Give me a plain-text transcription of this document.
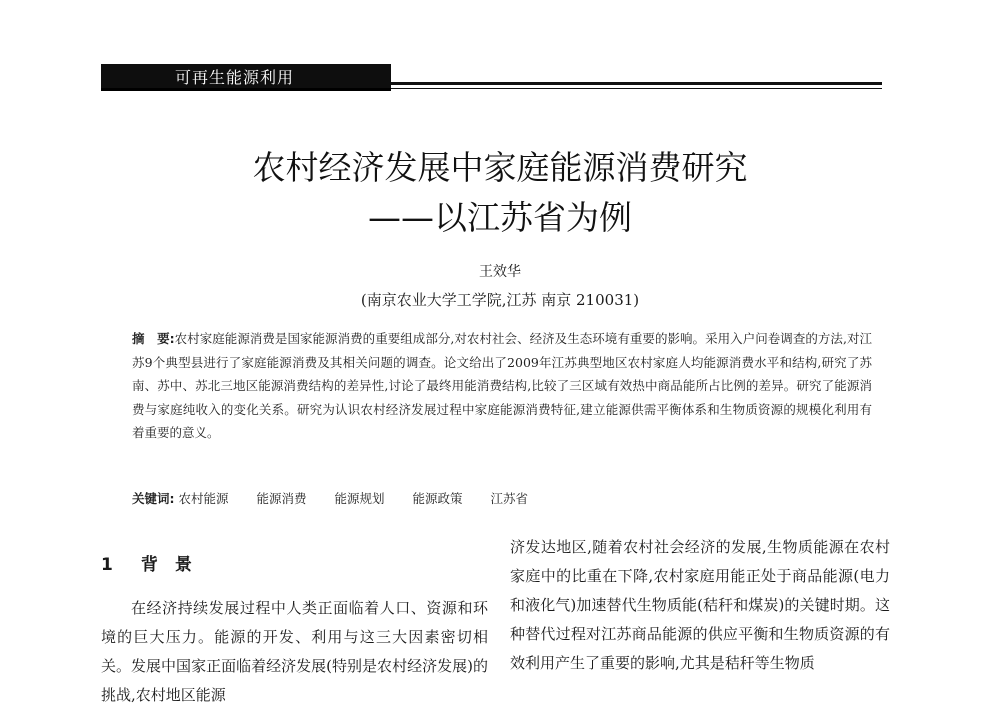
可再生能源利用
农村经济发展中家庭能源消费研究
——以江苏省为例
王效华
(南京农业大学工学院,江苏 南京 210031)
摘　要:农村家庭能源消费是国家能源消费的重要组成部分,对农村社会、经济及生态环境有重要的影响。采用入户问卷调查的方法,对江苏9个典型县进行了家庭能源消费及其相关问题的调查。论文给出了2009年江苏典型地区农村家庭人均能源消费水平和结构,研究了苏南、苏中、苏北三地区能源消费结构的差异性,讨论了最终用能消费结构,比较了三区域有效热中商品能所占比例的差异。研究了能源消费与家庭纯收入的变化关系。研究为认识农村经济发展过程中家庭能源消费特征,建立能源供需平衡体系和生物质资源的规模化利用有着重要的意义。
关键词: 农村能源 能源消费 能源规划 能源政策 江苏省
1 背　景

在经济持续发展过程中人类正面临着人口、资源和环境的巨大压力。能源的开发、利用与这三大因素密切相关。发展中国家正面临着经济发展(特别是农村经济发展)的挑战,农村地区能源

济发达地区,随着农村社会经济的发展,生物质能源在农村家庭中的比重在下降,农村家庭用能正处于商品能源(电力和液化气)加速替代生物质能(秸秆和煤炭)的关键时期。这种替代过程对江苏商品能源的供应平衡和生物质资源的有效利用产生了重要的影响,尤其是秸秆等生物质
